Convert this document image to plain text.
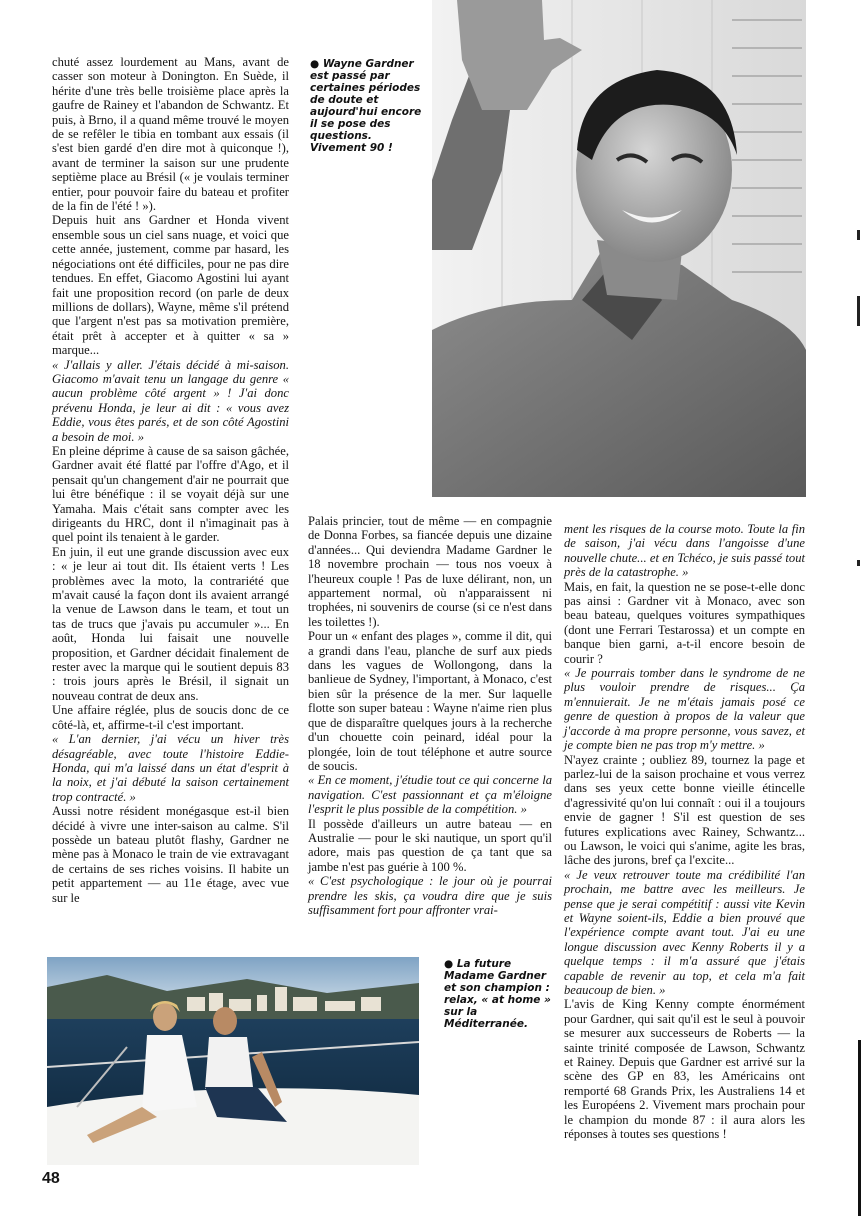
● Wayne Gardner est passé par certaines périodes de doute et aujourd'hui encore il se pose des questions. Vivement 90 !

chuté assez lourdement au Mans, avant de casser son moteur à Donington. En Suède, il hérite d'une très belle troisième place après la gaufre de Rainey et l'abandon de Schwantz. Et puis, à Brno, il a quand même trouvé le moyen de se refêler le tibia en tombant aux essais (il s'est bien gardé d'en dire mot à quiconque !), avant de terminer la saison sur une prudente septième place au Brésil (« je voulais terminer entier, pour pouvoir faire du bateau et profiter de la fin de l'été ! »).

Depuis huit ans Gardner et Honda vivent ensemble sous un ciel sans nuage, et voici que cette année, justement, comme par hasard, les négociations ont été difficiles, pour ne pas dire tendues. En effet, Giacomo Agostini lui ayant fait une proposition record (on parle de deux millions de dollars), Wayne, même s'il prétend que l'argent n'est pas sa motivation première, était prêt à accepter et à quitter « sa » marque...

« J'allais y aller. J'étais décidé à mi-saison. Giacomo m'avait tenu un langage du genre « aucun problème côté argent » ! J'ai donc prévenu Honda, je leur ai dit : « vous avez Eddie, vous êtes parés, et de son côté Agostini a besoin de moi. »

En pleine déprime à cause de sa saison gâchée, Gardner avait été flatté par l'offre d'Ago, et il pensait qu'un changement d'air ne pourrait que lui être bénéfique : il se voyait déjà sur une Yamaha. Mais c'était sans compter avec les dirigeants du HRC, dont il n'imaginait pas à quel point ils tenaient à le garder.

En juin, il eut une grande discussion avec eux : « je leur ai tout dit. Ils étaient verts ! Les problèmes avec la moto, la contrariété que m'avait causé la façon dont ils avaient arrangé la venue de Lawson dans le team, et tout un tas de trucs que j'avais pu accumuler »... En août, Honda lui faisait une nouvelle proposition, et Gardner décidait finalement de rester avec la marque qui le soutient depuis 83 : trois jours après le Brésil, il signait un nouveau contrat de deux ans.

Une affaire réglée, plus de soucis donc de ce côté-là, et, affirme-t-il c'est important.

« L'an dernier, j'ai vécu un hiver très désagréable, avec toute l'histoire Eddie-Honda, qui m'a laissé dans un état d'esprit à la noix, et j'ai débuté la saison certainement trop contracté. »

Aussi notre résident monégasque est-il bien décidé à vivre une inter-saison au calme. S'il possède un bateau plutôt flashy, Gardner ne mène pas à Monaco le train de vie extravagant de certains de ses riches voisins. Il habite un petit appartement — au 11e étage, avec vue sur le

Palais princier, tout de même — en compagnie de Donna Forbes, sa fiancée depuis une dizaine d'années... Qui deviendra Madame Gardner le 18 novembre prochain — tous nos voeux à l'heureux couple ! Pas de luxe délirant, non, un appartement normal, où n'apparaissent ni trophées, ni souvenirs de course (si ce n'est dans les toilettes !).

Pour un « enfant des plages », comme il dit, qui a grandi dans l'eau, planche de surf aux pieds dans les vagues de Wollongong, dans la banlieue de Sydney, l'important, à Monaco, c'est bien sûr la présence de la mer. Sur laquelle flotte son super bateau : Wayne n'aime rien plus que de disparaître quelques jours à la recherche d'un chouette coin peinard, idéal pour la plongée, loin de tout téléphone et autre source de soucis.

« En ce moment, j'étudie tout ce qui concerne la navigation. C'est passionnant et ça m'éloigne l'esprit le plus possible de la compétition. »

Il possède d'ailleurs un autre bateau — en Australie — pour le ski nautique, un sport qu'il adore, mais pas question de ça tant que sa jambe n'est pas guérie à 100 %.

« C'est psychologique : le jour où je pourrai prendre les skis, ça voudra dire que je suis suffisamment fort pour affronter vrai-

ment les risques de la course moto. Toute la fin de saison, j'ai vécu dans l'angoisse d'une nouvelle chute... et en Tchéco, je suis passé tout près de la catastrophe. »

Mais, en fait, la question ne se pose-t-elle donc pas ainsi : Gardner vit à Monaco, avec son beau bateau, quelques voitures sympathiques (dont une Ferrari Testarossa) et un compte en banque bien garni, a-t-il encore besoin de courir ?

« Je pourrais tomber dans le syndrome de ne plus vouloir prendre de risques... Ça m'ennuierait. Je ne m'étais jamais posé ce genre de question à propos de la valeur que j'accorde à ma propre personne, vous savez, et je compte bien ne pas trop m'y mettre. »

N'ayez crainte ; oubliez 89, tournez la page et parlez-lui de la saison prochaine et vous verrez dans ses yeux cette bonne vieille étincelle d'agressivité qu'on lui connaît : oui il a toujours envie de gagner ! S'il est question de ses futures explications avec Rainey, Schwantz... ou Lawson, le voici qui s'anime, agite les bras, lâche des jurons, bref ça l'excite...

« Je veux retrouver toute ma crédibilité l'an prochain, me battre avec les meilleurs. Je pense que je serai compétitif : aussi vite Kevin et Wayne soient-ils, Eddie a bien prouvé que l'expérience compte avant tout. J'ai eu une longue discussion avec Kenny Roberts il y a quelque temps : il m'a assuré que j'étais capable de revenir au top, et cela m'a fait beaucoup de bien. »

L'avis de King Kenny compte énormément pour Gardner, qui sait qu'il est le seul à pouvoir se mesurer aux successeurs de Roberts — la sainte trinité composée de Lawson, Schwantz et Rainey. Depuis que Gardner est arrivé sur la scène des GP en 83, les Américains ont remporté 68 Grands Prix, les Australiens 14 et les Européens 2. Vivement mars prochain pour le champion du monde 87 : il aura alors les réponses à toutes ses questions !

● La future Madame Gardner et son champion : relax, « at home » sur la Méditerranée.
48
